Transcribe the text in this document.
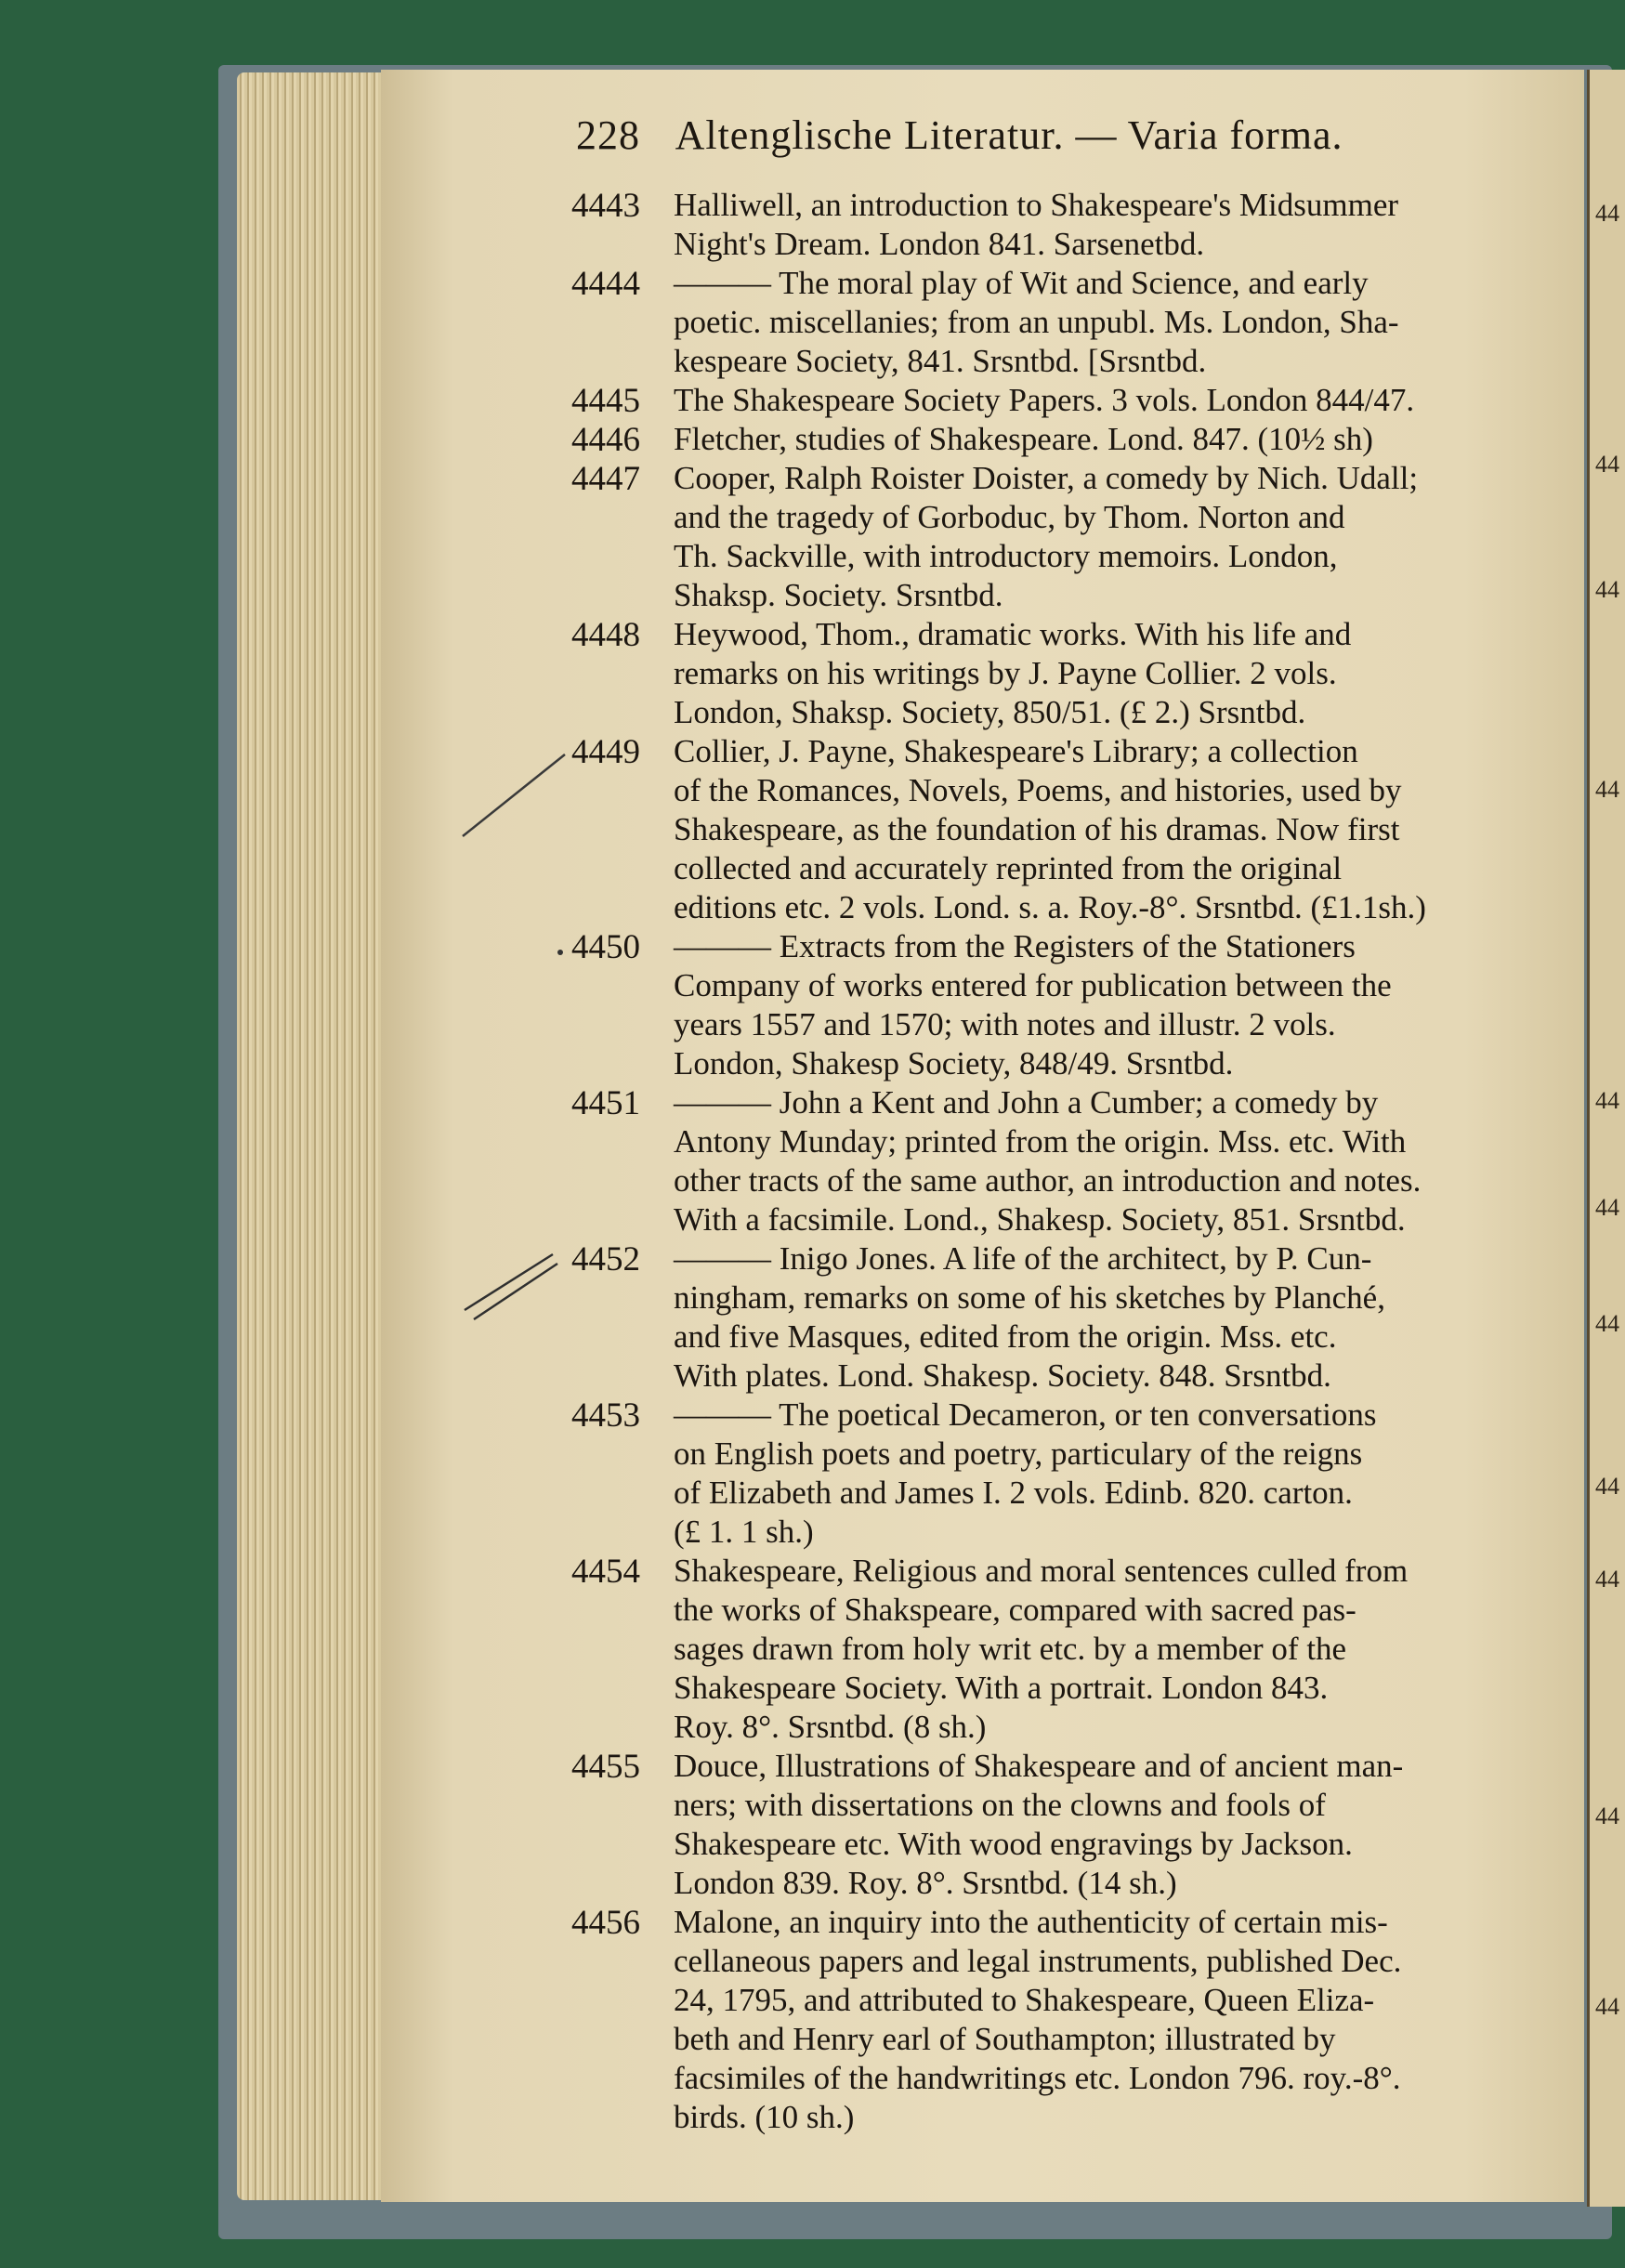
44
44
44
44
44
44
44
44
44
44
44
228 Altenglische Literatur. — Varia forma.
4443	Halliwell, an introduction to Shakespeare's Midsummer
Night's Dream. London 841. Sarsenetbd.
4444	——— The moral play of Wit and Science, and early
poetic. miscellanies; from an unpubl. Ms. London, Sha-
kespeare Society, 841. Srsntbd. [Srsntbd.
4445	The Shakespeare Society Papers. 3 vols. London 844/47.
4446	Fletcher, studies of Shakespeare. Lond. 847. (10½ sh)
4447	Cooper, Ralph Roister Doister, a comedy by Nich. Udall;
and the tragedy of Gorboduc, by Thom. Norton and
Th. Sackville, with introductory memoirs. London,
Shaksp. Society. Srsntbd.
4448	Heywood, Thom., dramatic works. With his life and
remarks on his writings by J. Payne Collier. 2 vols.
London, Shaksp. Society, 850/51. (£ 2.) Srsntbd.
4449	Collier, J. Payne, Shakespeare's Library; a collection
of the Romances, Novels, Poems, and histories, used by
Shakespeare, as the foundation of his dramas. Now first
collected and accurately reprinted from the original
editions etc. 2 vols. Lond. s. a. Roy.-8°. Srsntbd. (£1.1sh.)
4450	——— Extracts from the Registers of the Stationers
Company of works entered for publication between the
years 1557 and 1570; with notes and illustr. 2 vols.
London, Shakesp Society, 848/49. Srsntbd.
4451	——— John a Kent and John a Cumber; a comedy by
Antony Munday; printed from the origin. Mss. etc. With
other tracts of the same author, an introduction and notes.
With a facsimile. Lond., Shakesp. Society, 851. Srsntbd.
4452	——— Inigo Jones. A life of the architect, by P. Cun-
ningham, remarks on some of his sketches by Planché,
and five Masques, edited from the origin. Mss. etc.
With plates. Lond. Shakesp. Society. 848. Srsntbd.
4453	——— The poetical Decameron, or ten conversations
on English poets and poetry, particulary of the reigns
of Elizabeth and James I. 2 vols. Edinb. 820. carton.
(£ 1. 1 sh.)
4454	Shakespeare, Religious and moral sentences culled from
the works of Shakspeare, compared with sacred pas-
sages drawn from holy writ etc. by a member of the
Shakespeare Society. With a portrait. London 843.
Roy. 8°. Srsntbd. (8 sh.)
4455	Douce, Illustrations of Shakespeare and of ancient man-
ners; with dissertations on the clowns and fools of
Shakespeare etc. With wood engravings by Jackson.
London 839. Roy. 8°. Srsntbd. (14 sh.)
4456	Malone, an inquiry into the authenticity of certain mis-
cellaneous papers and legal instruments, published Dec.
24, 1795, and attributed to Shakespeare, Queen Eliza-
beth and Henry earl of Southampton; illustrated by
facsimiles of the handwritings etc. London 796. roy.-8°.
birds. (10 sh.)
